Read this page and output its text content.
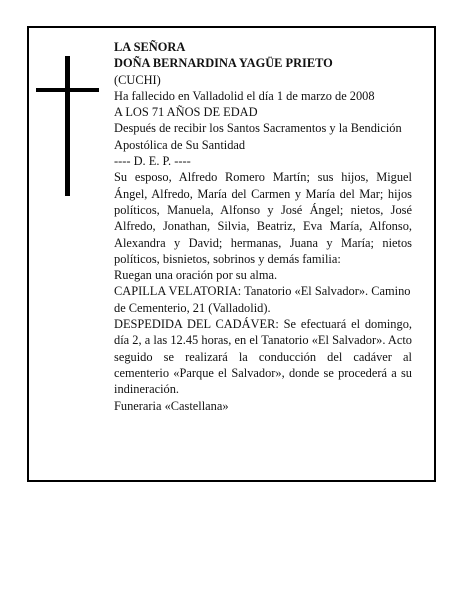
LA SEÑORA

DOÑA BERNARDINA YAGÜE PRIETO

(CUCHI)

Ha fallecido en Valladolid el día 1 de marzo de 2008

A LOS 71 AÑOS DE EDAD

Después de recibir los Santos Sacramentos y la Bendición Apostólica de Su Santidad

---- D. E. P. ----

Su esposo, Alfredo Romero Martín; sus hijos, Miguel Ángel, Alfredo, María del Carmen y María del Mar; hijos políticos, Manuela, Alfonso y José Ángel; nietos, José Alfredo, Jonathan, Silvia, Beatriz, Eva María, Alfonso, Alexandra y David; hermanas, Juana y María; nietos políticos, bisnietos, sobrinos y demás familia:

Ruegan una oración por su alma.

CAPILLA VELATORIA: Tanatorio «El Salvador». Camino de Cementerio, 21 (Valladolid).

DESPEDIDA DEL CADÁVER: Se efectuará el domingo, día 2, a las 12.45 horas, en el Tanatorio «El Salvador». Acto seguido se realizará la conducción del cadáver al cementerio «Parque el Salvador», donde se procederá a su indineración.

Funeraria «Castellana»
